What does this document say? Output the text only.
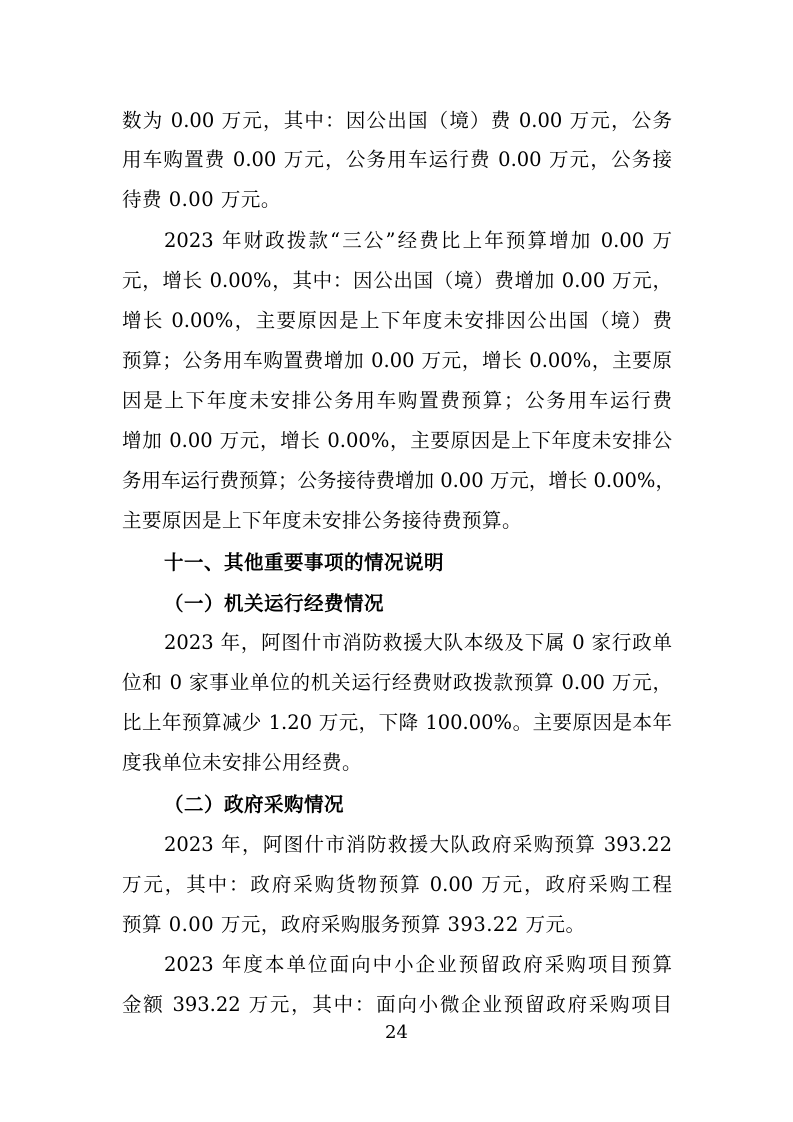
数为 0.00 万元，其中：因公出国（境）费 0.00 万元，公务
用车购置费 0.00 万元，公务用车运行费 0.00 万元，公务接
待费 0.00 万元。
2023 年财政拨款“三公”经费比上年预算增加 0.00 万
元，增长 0.00%，其中：因公出国（境）费增加 0.00 万元，
增长 0.00%，主要原因是上下年度未安排因公出国（境）费
预算；公务用车购置费增加 0.00 万元，增长 0.00%，主要原
因是上下年度未安排公务用车购置费预算；公务用车运行费
增加 0.00 万元，增长 0.00%，主要原因是上下年度未安排公
务用车运行费预算；公务接待费增加 0.00 万元，增长 0.00%，
主要原因是上下年度未安排公务接待费预算。
十一、其他重要事项的情况说明
（一）机关运行经费情况
2023 年，阿图什市消防救援大队本级及下属 0 家行政单
位和 0 家事业单位的机关运行经费财政拨款预算 0.00 万元，
比上年预算减少 1.20 万元，下降 100.00%。主要原因是本年
度我单位未安排公用经费。
（二）政府采购情况
2023 年，阿图什市消防救援大队政府采购预算 393.22
万元，其中：政府采购货物预算 0.00 万元，政府采购工程
预算 0.00 万元，政府采购服务预算 393.22 万元。
2023 年度本单位面向中小企业预留政府采购项目预算
金额 393.22 万元，其中：面向小微企业预留政府采购项目
24
